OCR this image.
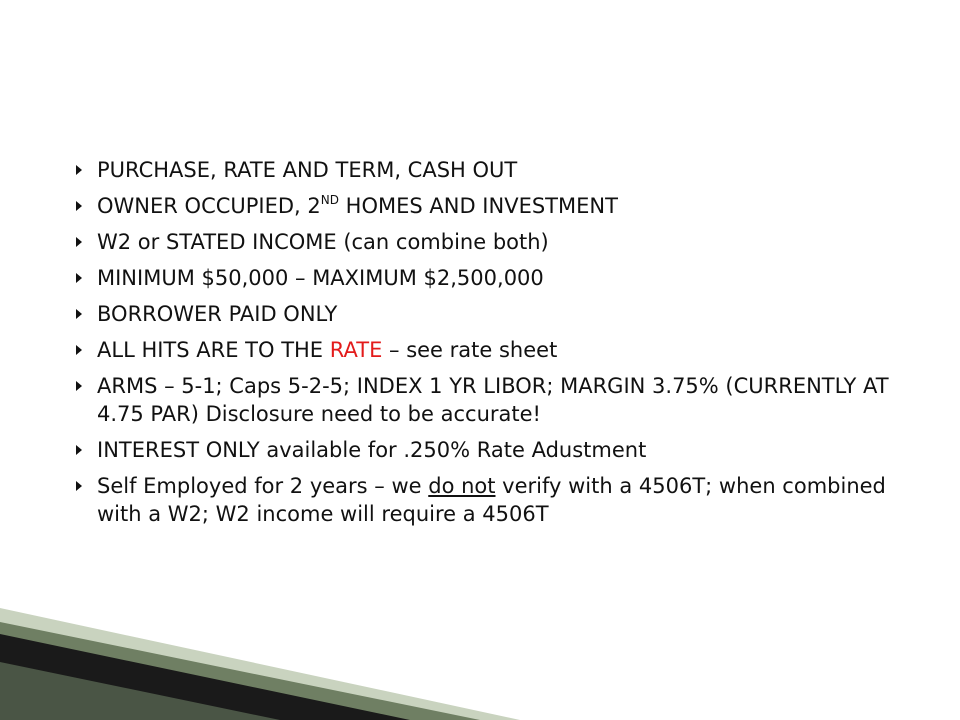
PURCHASE, RATE AND TERM, CASH OUT
OWNER OCCUPIED, 2ND HOMES AND INVESTMENT
W2 or STATED INCOME (can combine both)
MINIMUM $50,000 – MAXIMUM $2,500,000
BORROWER PAID ONLY
ALL HITS ARE TO THE RATE – see rate sheet
ARMS – 5-1; Caps 5-2-5; INDEX 1 YR LIBOR; MARGIN 3.75% (CURRENTLY AT 4.75 PAR) Disclosure need to be accurate!
INTEREST ONLY available for .250% Rate Adustment
Self Employed for 2 years – we do not verify with a 4506T; when combined with a W2; W2 income will require a 4506T
